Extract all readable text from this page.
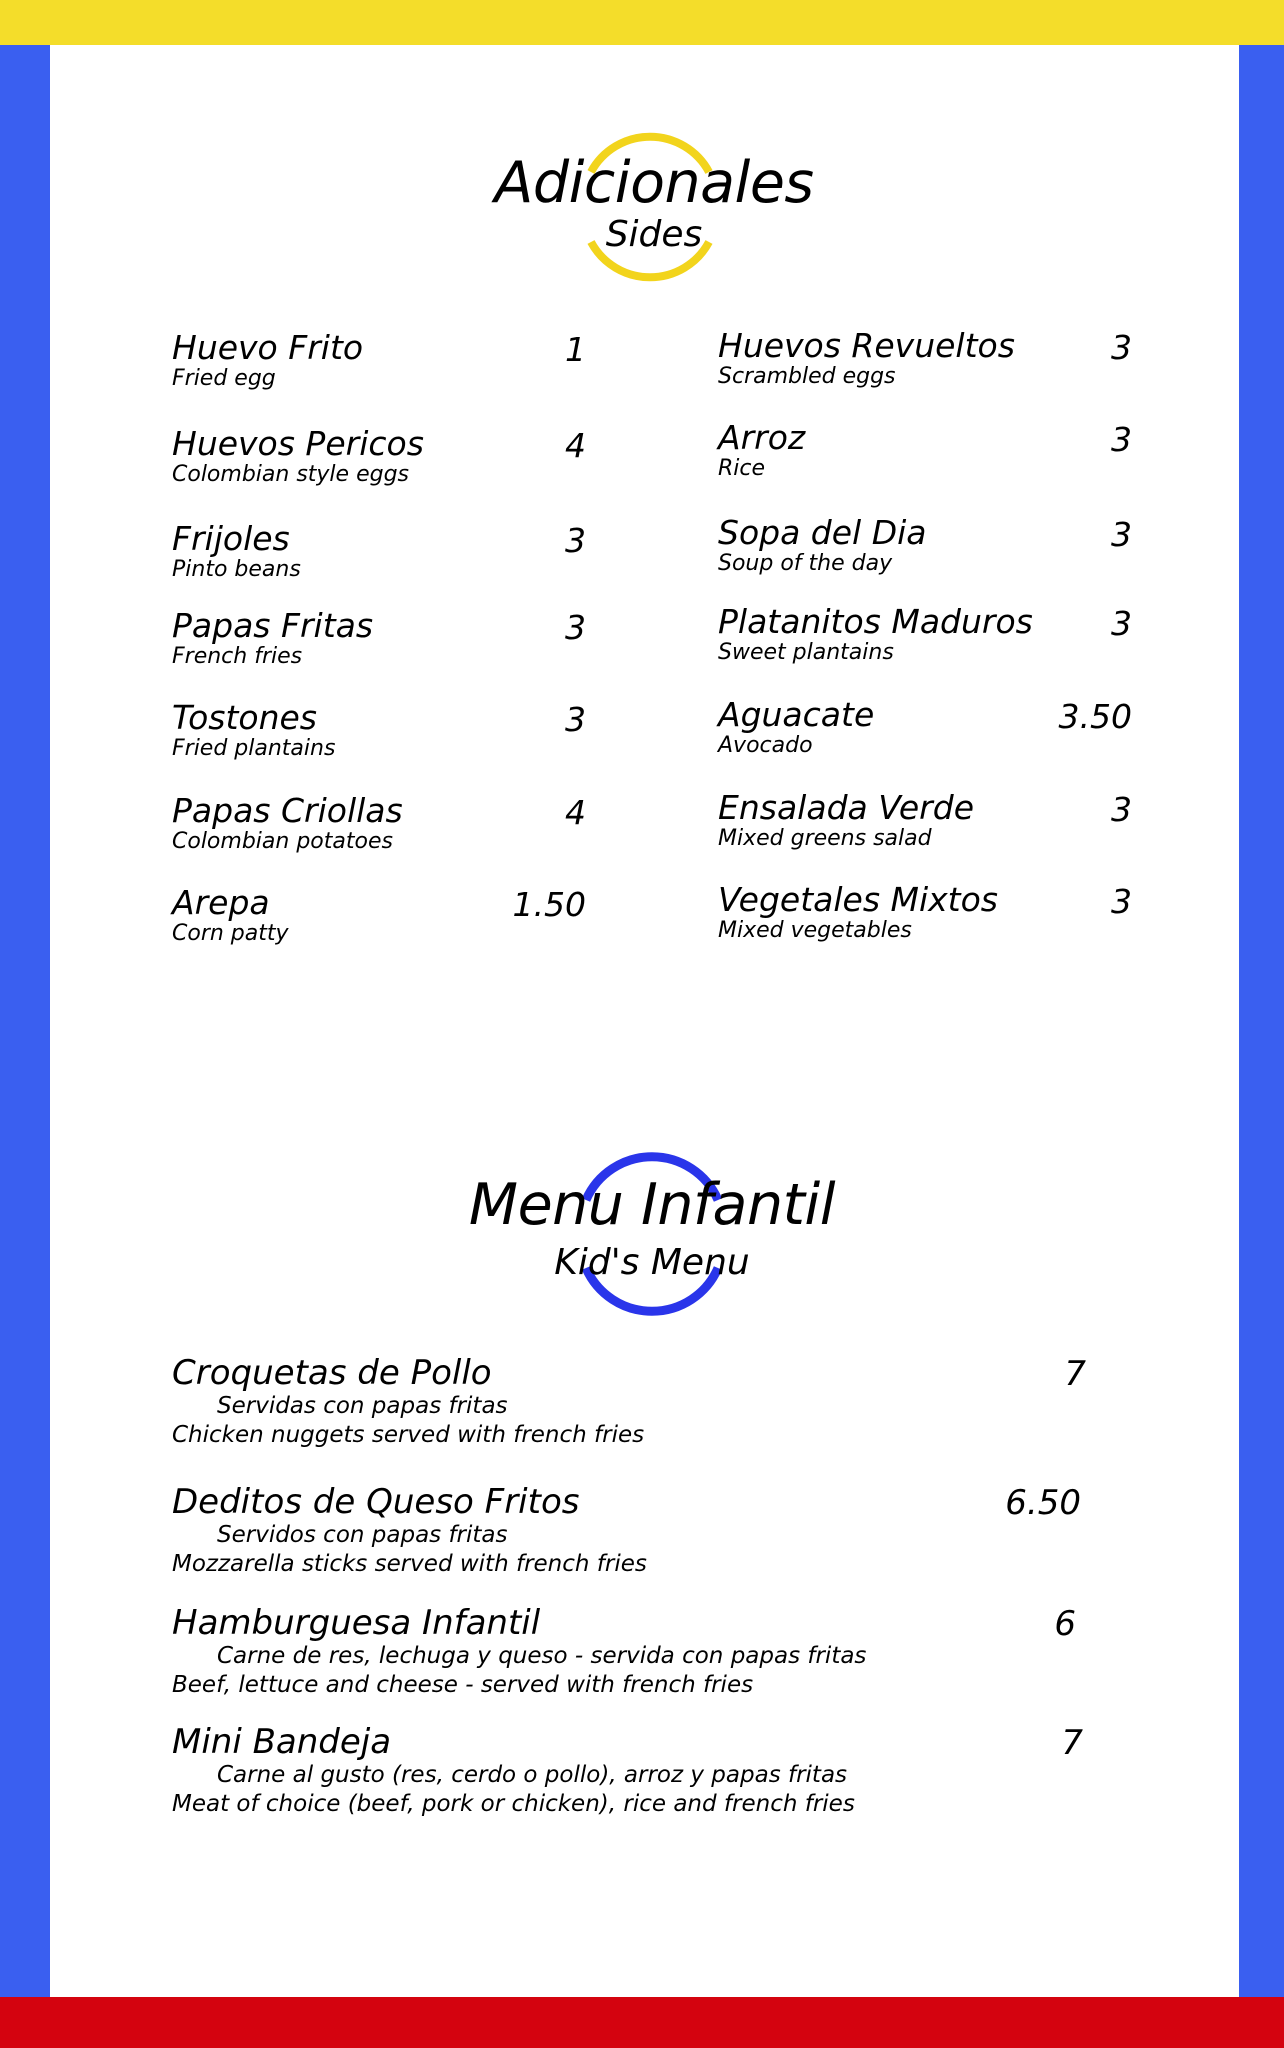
Adicionales
Sides
Huevo Frito
Fried egg
1
Huevos Pericos
Colombian style eggs
4
Frijoles
Pinto beans
3
Papas Fritas
French fries
3
Tostones
Fried plantains
3
Papas Criollas
Colombian potatoes
4
Arepa
Corn patty
1.50
Huevos Revueltos
Scrambled eggs
3
Arroz
Rice
3
Sopa del Dia
Soup of the day
3
Platanitos Maduros
Sweet plantains
3
Aguacate
Avocado
3.50
Ensalada Verde
Mixed greens salad
3
Vegetales Mixtos
Mixed vegetables
3
Menu Infantil
Kid's Menu
Croquetas de Pollo
Servidas con papas fritas
Chicken nuggets served with french fries
7
Deditos de Queso Fritos
Servidos con papas fritas
Mozzarella sticks served with french fries
6.50
Hamburguesa Infantil
Carne de res, lechuga y queso - servida con papas fritas
Beef, lettuce and cheese - served with french fries
6
Mini Bandeja
Carne al gusto (res, cerdo o pollo), arroz y papas fritas
Meat of choice (beef, pork or chicken), rice and french fries
7
